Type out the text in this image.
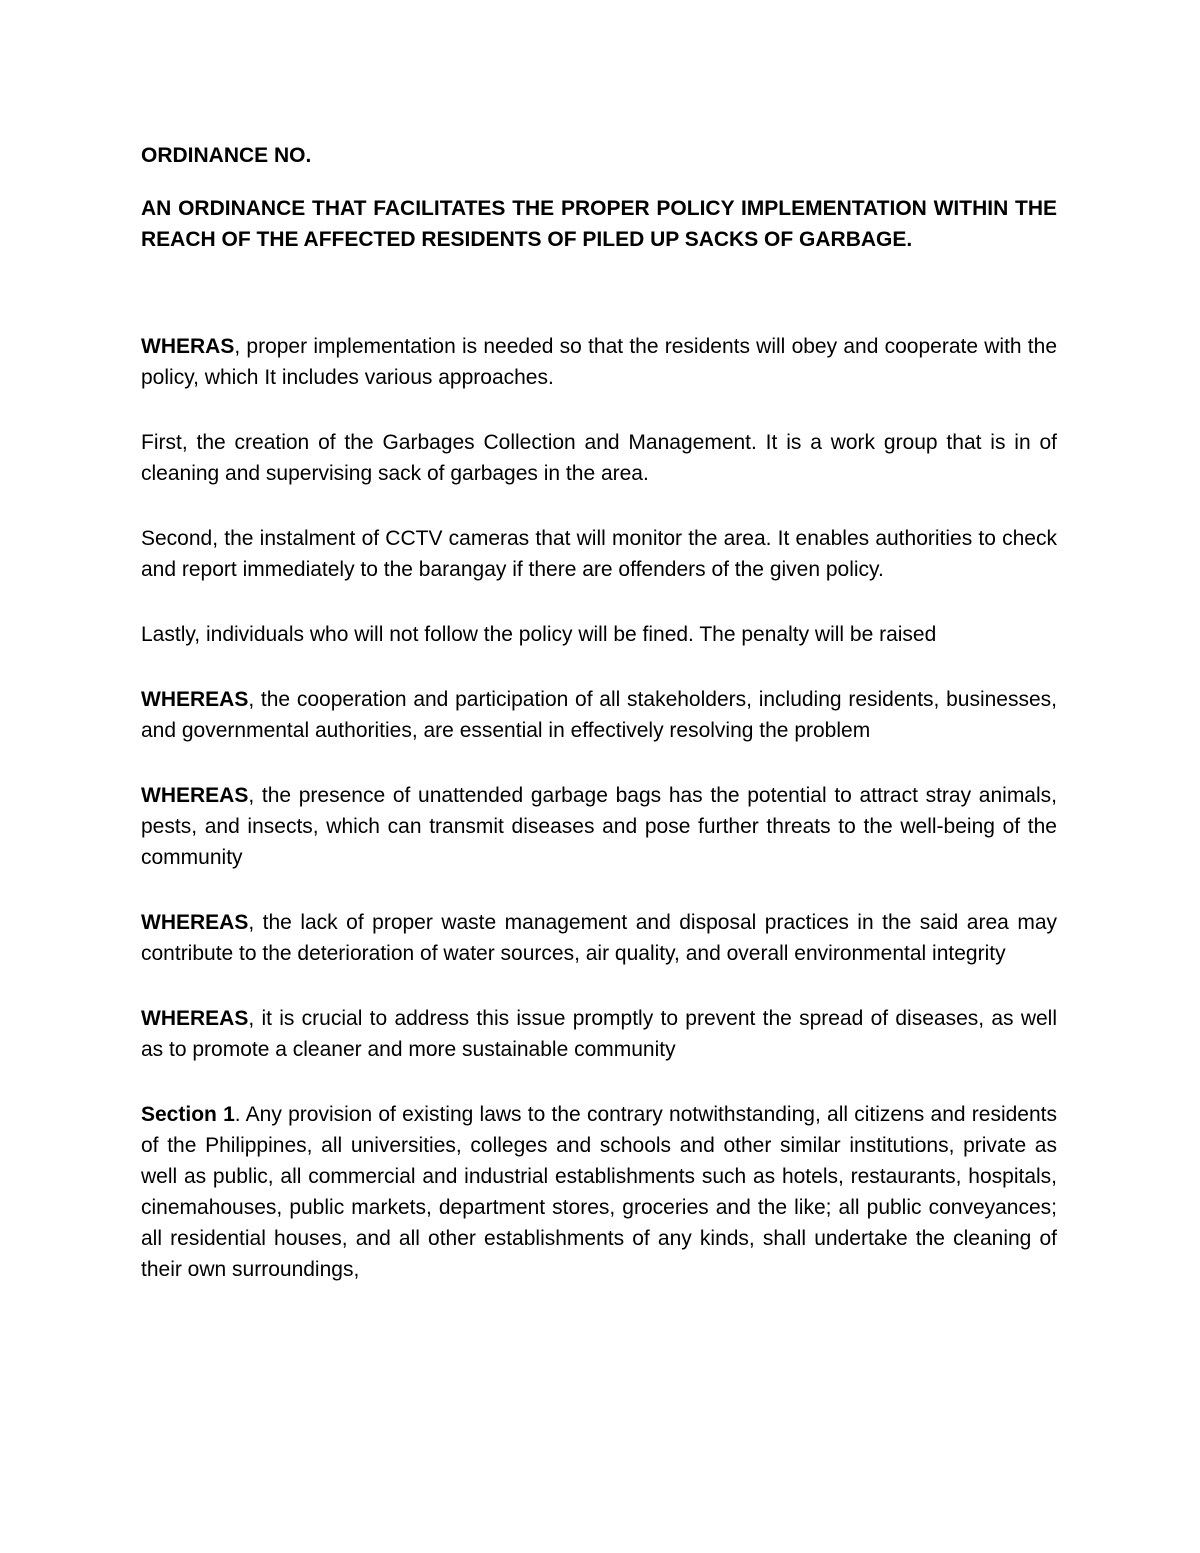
ORDINANCE NO.

AN ORDINANCE THAT FACILITATES THE PROPER POLICY IMPLEMENTATION WITHIN THE REACH OF THE AFFECTED RESIDENTS OF PILED UP SACKS OF GARBAGE.

WHERAS, proper implementation is needed so that the residents will obey and cooperate with the policy, which It includes various approaches.

First, the creation of the Garbages Collection and Management. It is a work group that is in of cleaning and supervising sack of garbages in the area.

Second, the instalment of CCTV cameras that will monitor the area. It enables authorities to check and report immediately to the barangay if there are offenders of the given policy.

Lastly, individuals who will not follow the policy will be fined. The penalty will be raised

WHEREAS, the cooperation and participation of all stakeholders, including residents, businesses, and governmental authorities, are essential in effectively resolving the problem

WHEREAS, the presence of unattended garbage bags has the potential to attract stray animals, pests, and insects, which can transmit diseases and pose further threats to the well-being of the community

WHEREAS, the lack of proper waste management and disposal practices in the said area may contribute to the deterioration of water sources, air quality, and overall environmental integrity

WHEREAS, it is crucial to address this issue promptly to prevent the spread of diseases, as well as to promote a cleaner and more sustainable community

Section 1. Any provision of existing laws to the contrary notwithstanding, all citizens and residents of the Philippines, all universities, colleges and schools and other similar institutions, private as well as public, all commercial and industrial establishments such as hotels, restaurants, hospitals, cinemahouses, public markets, department stores, groceries and the like; all public conveyances; all residential houses, and all other establishments of any kinds, shall undertake the cleaning of their own surroundings,
